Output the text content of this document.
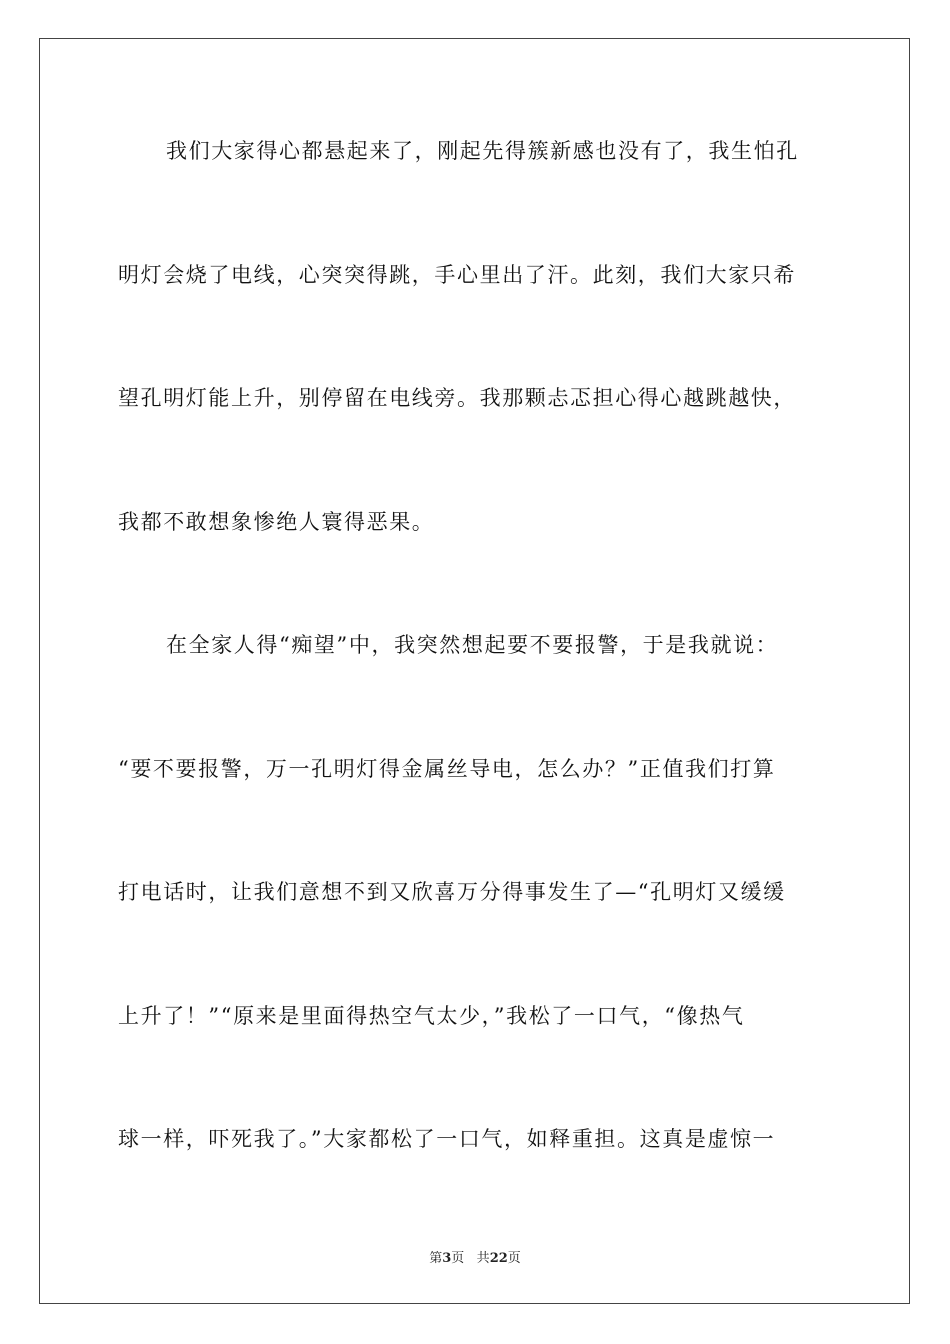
我们大家得心都悬起来了，刚起先得簇新感也没有了，我生怕孔
明灯会烧了电线，心突突得跳，手心里出了汗。此刻，我们大家只希
望孔明灯能上升，别停留在电线旁。我那颗忐忑担心得心越跳越快，
我都不敢想象惨绝人寰得恶果。
在全家人得“痴望”中，我突然想起要不要报警，于是我就说：
“要不要报警，万一孔明灯得金属丝导电，怎么办？”正值我们打算
打电话时，让我们意想不到又欣喜万分得事发生了—“孔明灯又缓缓
上升了！”“原来是里面得热空气太少，”我松了一口气，“像热气
球一样，吓死我了。”大家都松了一口气，如释重担。这真是虚惊一
第3页 共22页
